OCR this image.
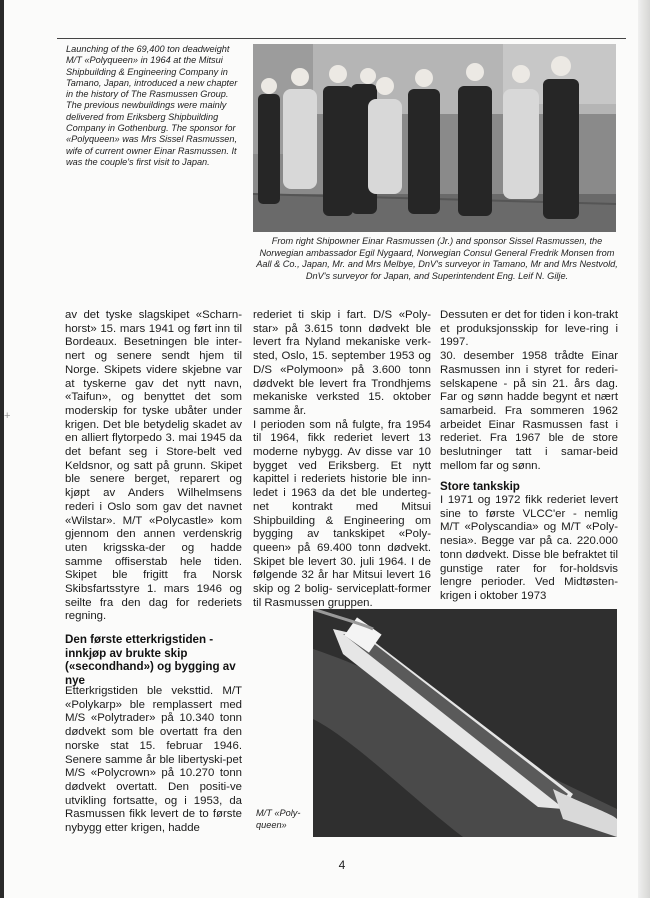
+
Launching of the 69,400 ton deadweight M/T «Polyqueen» in 1964 at the Mitsui Shipbuilding & Engineering Company in Tamano, Japan, introduced a new chapter in the history of The Rasmussen Group. The previous newbuildings were mainly delivered from Eriksberg Shipbuilding Company in Gothenburg. The sponsor for «Polyqueen» was Mrs Sissel Rasmussen, wife of current owner Einar Rasmussen. It was the couple's first visit to Japan.
From right Shipowner Einar Rasmussen (Jr.) and sponsor Sissel Rasmussen, the Norwegian ambassador Egil Nygaard, Norwegian Consul General Fredrik Monsen from Aall & Co., Japan, Mr. and Mrs Melbye, DnV's surveyor in Tamano, Mr and Mrs Nestvold, DnV's surveyor for Japan, and Superintendent Eng. Leif N. Gilje.
av det tyske slagskipet «Scharn-horst» 15. mars 1941 og ført inn til Bordeaux. Besetningen ble inter-nert og senere sendt hjem til Norge. Skipets videre skjebne var at tyskerne gav det nytt navn, «Taifun», og benyttet det som moderskip for tyske ubåter under krigen. Det ble betydelig skadet av en alliert flytorpedo 3. mai 1945 da det befant seg i Store-belt ved Keldsnor, og satt på grunn. Skipet ble senere berget, reparert og kjøpt av Anders Wilhelmsens rederi i Oslo som gav det navnet «Wilstar». M/T «Polycastle» kom gjennom den annen verdenskrig uten krigsska-der og hadde samme offiserstab hele tiden. Skipet ble frigitt fra Norsk Skibsfartsstyre 1. mars 1946 og seilte fra den dag for rederiets regning.
rederiet ti skip i fart. D/S «Poly-star» på 3.615 tonn dødvekt ble levert fra Nyland mekaniske verk-sted, Oslo, 15. september 1953 og D/S «Polymoon» på 3.600 tonn dødvekt ble levert fra Trondhjems mekaniske verksted 15. oktober samme år.
I perioden som nå fulgte, fra 1954 til 1964, fikk rederiet levert 13 moderne nybygg. Av disse var 10 bygget ved Eriksberg. Et nytt kapittel i rederiets historie ble inn-ledet i 1963 da det ble underteg-net kontrakt med Mitsui Shipbuilding & Engineering om bygging av tankskipet «Poly-queen» på 69.400 tonn dødvekt. Skipet ble levert 30. juli 1964. I de følgende 32 år har Mitsui levert 16 skip og 2 bolig- serviceplatt-former til Rasmussen gruppen.
Dessuten er det for tiden i kon-trakt et produksjonsskip for leve-ring i 1997.
30. desember 1958 trådte Einar Rasmussen inn i styret for rederi-selskapene - på sin 21. års dag. Far og sønn hadde begynt et nært samarbeid. Fra sommeren 1962 arbeidet Einar Rasmussen fast i rederiet. Fra 1967 ble de store beslutninger tatt i samar-beid mellom far og sønn.
Den første etterkrigstiden - innkjøp av brukte skip («secondhand») og bygging av nye
Etterkrigstiden ble veksttid. M/T «Polykarp» ble remplassert med M/S «Polytrader» på 10.340 tonn dødvekt som ble overtatt fra den norske stat 15. februar 1946. Senere samme år ble libertyski-pet M/S «Polycrown» på 10.270 tonn dødvekt overtatt. Den positi-ve utvikling fortsatte, og i 1953, da Rasmussen fikk levert de to første nybygg etter krigen, hadde
Store tankskip
I 1971 og 1972 fikk rederiet levert sine to første VLCC'er - nemlig M/T «Polyscandia» og M/T «Poly-nesia». Begge var på ca. 220.000 tonn dødvekt. Disse ble befraktet til gunstige rater for for-holdsvis lengre perioder. Ved Midtøsten-krigen i oktober 1973
M/T «Poly-queen»
4
